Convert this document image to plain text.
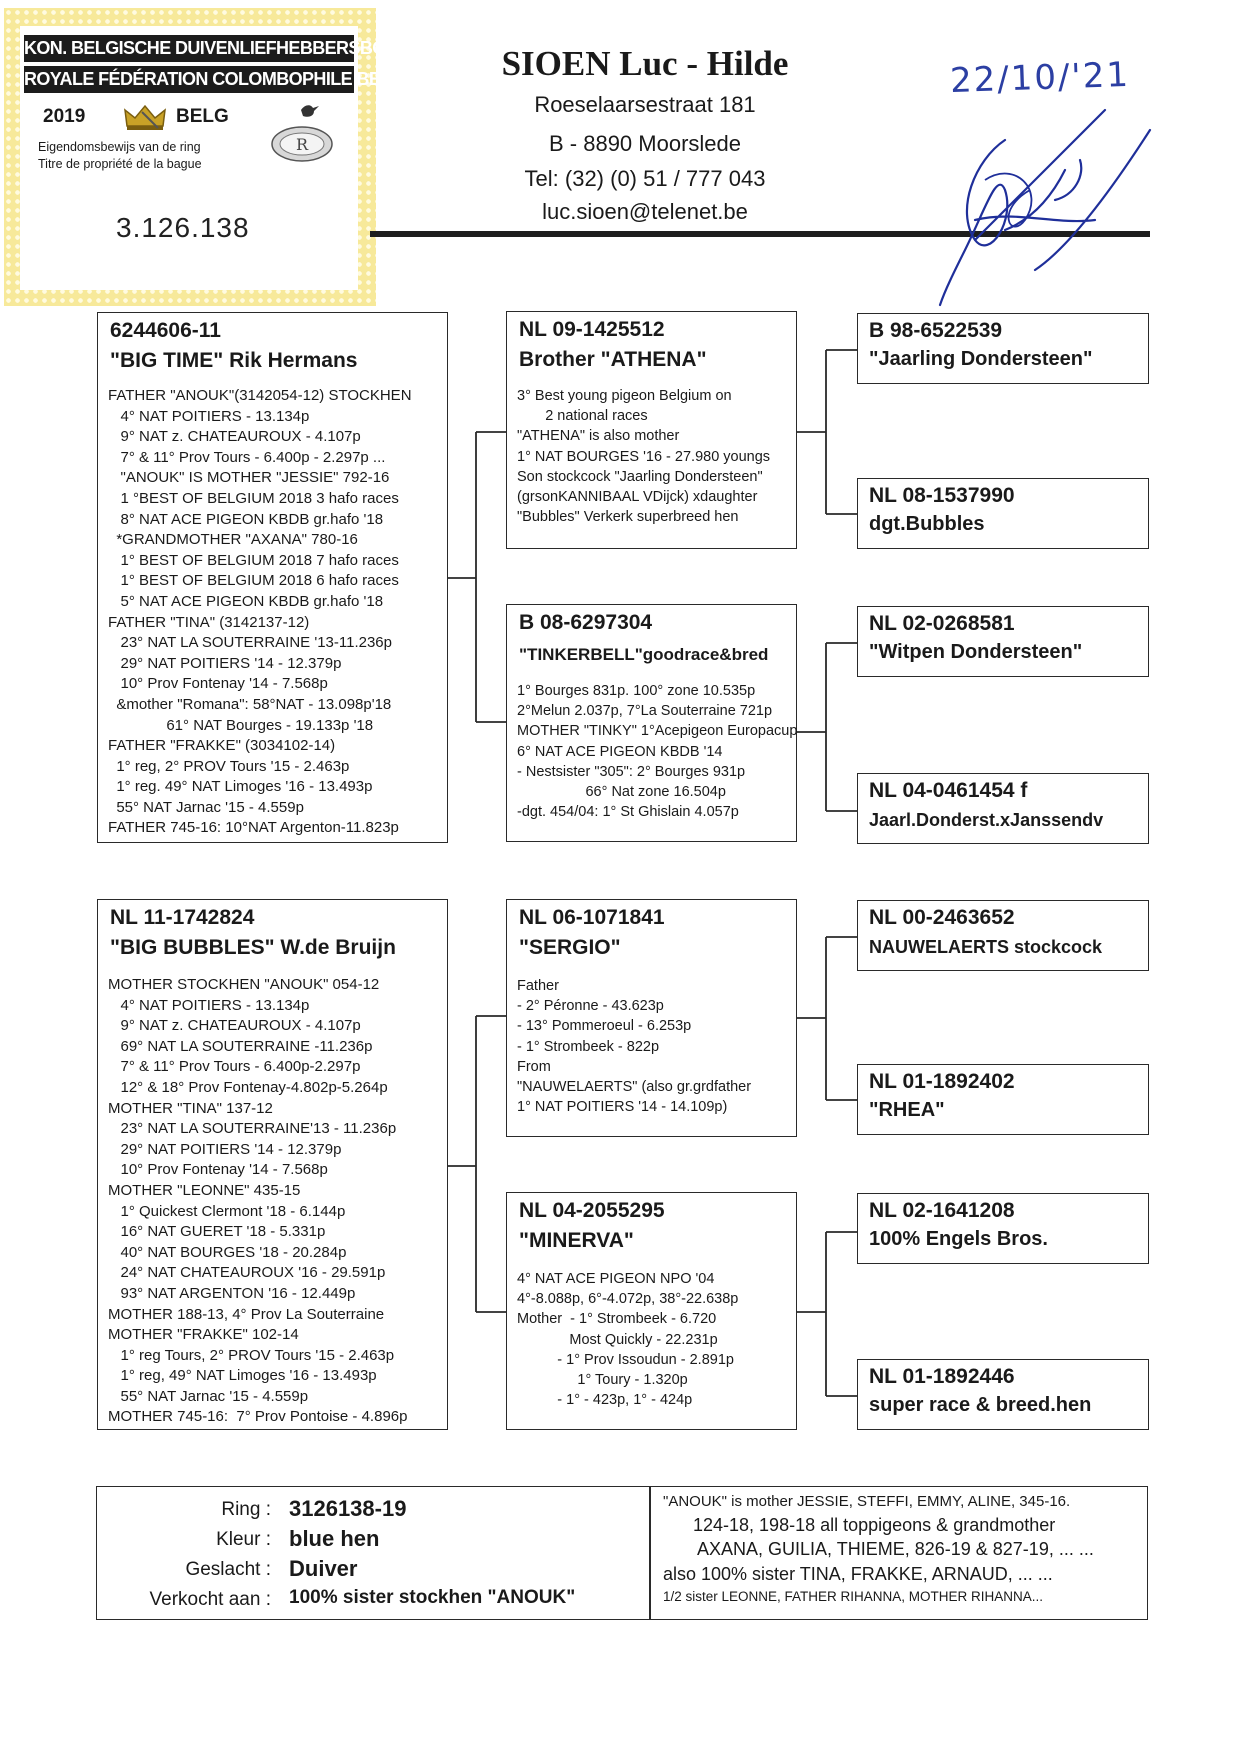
KON. BELGISCHE DUIVENLIEFHEBBERSBOND
ROYALE FÉDÉRATION COLOMBOPHILE BELGE
2019	BELG
R
Eigendomsbewijs van de ring
Titre de propriété de la bague
3.126.138
SIOEN Luc - Hilde
Roeselaarsestraat 181
B - 8890 Moorslede
Tel: (32) (0) 51 / 777 043
luc.sioen@telenet.be
22/10/'21
6244606-11
"BIG TIME" Rik Hermans
FATHER "ANOUK"(3142054-12) STOCKHEN
4° NAT POITIERS - 13.134p
9° NAT z. CHATEAUROUX - 4.107p
7° & 11° Prov Tours - 6.400p - 2.297p ...
"ANOUK" IS MOTHER "JESSIE" 792-16
1 °BEST OF BELGIUM 2018 3 hafo races
8° NAT ACE PIGEON KBDB gr.hafo '18
*GRANDMOTHER "AXANA" 780-16
1° BEST OF BELGIUM 2018 7 hafo races
1° BEST OF BELGIUM 2018 6 hafo races
5° NAT ACE PIGEON KBDB gr.hafo '18
FATHER "TINA" (3142137-12)
23° NAT LA SOUTERRAINE '13-11.236p
29° NAT POITIERS '14 - 12.379p
10° Prov Fontenay '14 - 7.568p
&mother "Romana": 58°NAT - 13.098p'18
61° NAT Bourges - 19.133p '18
FATHER "FRAKKE" (3034102-14)
1° reg, 2° PROV Tours '15 - 2.463p
1° reg. 49° NAT Limoges '16 - 13.493p
55° NAT Jarnac '15 - 4.559p
FATHER 745-16: 10°NAT Argenton-11.823p
NL 09-1425512
Brother "ATHENA"
3° Best young pigeon Belgium on
2 national races
"ATHENA" is also mother
1° NAT BOURGES '16 - 27.980 youngs
Son stockcock "Jaarling Dondersteen"
(grsonKANNIBAAL VDijck) xdaughter
"Bubbles" Verkerk superbreed hen
B 08-6297304
"TINKERBELL"goodrace&bred
1° Bourges 831p. 100° zone 10.535p
2°Melun 2.037p, 7°La Souterraine 721p
MOTHER "TINKY" 1°Acepigeon Europacup
6° NAT ACE PIGEON KBDB '14
- Nestsister "305": 2° Bourges 931p
66° Nat zone 16.504p
-dgt. 454/04: 1° St Ghislain 4.057p
B 98-6522539
"Jaarling Dondersteen"
NL 08-1537990
dgt.Bubbles
NL 02-0268581
"Witpen Dondersteen"
NL 04-0461454 f
Jaarl.Donderst.xJanssendv
NL 11-1742824
"BIG BUBBLES" W.de Bruijn
MOTHER STOCKHEN "ANOUK" 054-12
4° NAT POITIERS - 13.134p
9° NAT z. CHATEAUROUX - 4.107p
69° NAT LA SOUTERRAINE -11.236p
7° & 11° Prov Tours - 6.400p-2.297p
12° & 18° Prov Fontenay-4.802p-5.264p
MOTHER "TINA" 137-12
23° NAT LA SOUTERRAINE'13 - 11.236p
29° NAT POITIERS '14 - 12.379p
10° Prov Fontenay '14 - 7.568p
MOTHER "LEONNE" 435-15
1° Quickest Clermont '18 - 6.144p
16° NAT GUERET '18 - 5.331p
40° NAT BOURGES '18 - 20.284p
24° NAT CHATEAUROUX '16 - 29.591p
93° NAT ARGENTON '16 - 12.449p
MOTHER 188-13, 4° Prov La Souterraine
MOTHER "FRAKKE" 102-14
1° reg Tours, 2° PROV Tours '15 - 2.463p
1° reg, 49° NAT Limoges '16 - 13.493p
55° NAT Jarnac '15 - 4.559p
MOTHER 745-16:  7° Prov Pontoise - 4.896p
NL 06-1071841
"SERGIO"
Father
- 2° Péronne - 43.623p
- 13° Pommeroeul - 6.253p
- 1° Strombeek - 822p
From
"NAUWELAERTS" (also gr.grdfather
1° NAT POITIERS '14 - 14.109p)
NL 04-2055295
"MINERVA"
4° NAT ACE PIGEON NPO '04
4°-8.088p, 6°-4.072p, 38°-22.638p
Mother  - 1° Strombeek - 6.720
Most Quickly - 22.231p
- 1° Prov Issoudun - 2.891p
1° Toury - 1.320p
- 1° - 423p, 1° - 424p
NL 00-2463652
NAUWELAERTS stockcock
NL 01-1892402
"RHEA"
NL 02-1641208
100% Engels Bros.
NL 01-1892446
super race & breed.hen
Ring : 3126138-19
Kleur : blue hen
Geslacht : Duiver
Verkocht aan : 100% sister stockhen "ANOUK"
"ANOUK" is mother JESSIE, STEFFI, EMMY, ALINE, 345-16.
124-18, 198-18 all toppigeons & grandmother
AXANA, GUILIA, THIEME, 826-19 & 827-19, ... ...
also 100% sister TINA, FRAKKE, ARNAUD, ... ...
1/2 sister LEONNE, FATHER RIHANNA, MOTHER RIHANNA...
